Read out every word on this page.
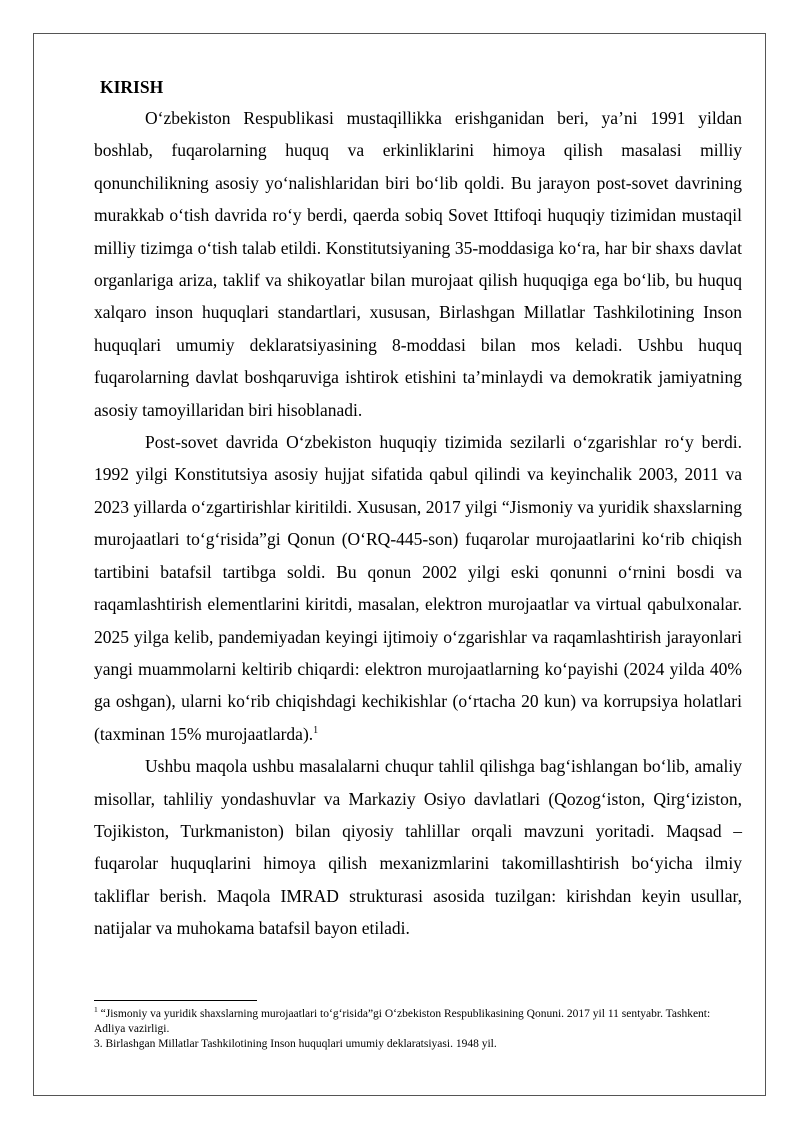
KIRISH

O‘zbekiston Respublikasi mustaqillikka erishganidan beri, ya’ni 1991 yildan boshlab, fuqarolarning huquq va erkinliklarini himoya qilish masalasi milliy qonunchilikning asosiy yo‘nalishlaridan biri bo‘lib qoldi. Bu jarayon post-sovet davrining murakkab o‘tish davrida ro‘y berdi, qaerda sobiq Sovet Ittifoqi huquqiy tizimidan mustaqil milliy tizimga o‘tish talab etildi. Konstitutsiyaning 35-moddasiga ko‘ra, har bir shaxs davlat organlariga ariza, taklif va shikoyatlar bilan murojaat qilish huquqiga ega bo‘lib, bu huquq xalqaro inson huquqlari standartlari, xususan, Birlashgan Millatlar Tashkilotining Inson huquqlari umumiy deklaratsiyasining 8-moddasi bilan mos keladi. Ushbu huquq fuqarolarning davlat boshqaruviga ishtirok etishini ta’minlaydi va demokratik jamiyatning asosiy tamoyillaridan biri hisoblanadi.

Post-sovet davrida O‘zbekiston huquqiy tizimida sezilarli o‘zgarishlar ro‘y berdi. 1992 yilgi Konstitutsiya asosiy hujjat sifatida qabul qilindi va keyinchalik 2003, 2011 va 2023 yillarda o‘zgartirishlar kiritildi. Xususan, 2017 yilgi “Jismoniy va yuridik shaxslarning murojaatlari to‘g‘risida”gi Qonun (O‘RQ-445-son) fuqarolar murojaatlarini ko‘rib chiqish tartibini batafsil tartibga soldi. Bu qonun 2002 yilgi eski qonunni o‘rnini bosdi va raqamlashtirish elementlarini kiritdi, masalan, elektron murojaatlar va virtual qabulxonalar. 2025 yilga kelib, pandemiyadan keyingi ijtimoiy o‘zgarishlar va raqamlashtirish jarayonlari yangi muammolarni keltirib chiqardi: elektron murojaatlarning ko‘payishi (2024 yilda 40% ga oshgan), ularni ko‘rib chiqishdagi kechikishlar (o‘rtacha 20 kun) va korrupsiya holatlari (taxminan 15% murojaatlarda).$^1$

Ushbu maqola ushbu masalalarni chuqur tahlil qilishga bag‘ishlangan bo‘lib, amaliy misollar, tahliliy yondashuvlar va Markaziy Osiyo davlatlari (Qozog‘iston, Qirg‘iziston, Tojikiston, Turkmaniston) bilan qiyosiy tahlillar orqali mavzuni yoritadi. Maqsad – fuqarolar huquqlarini himoya qilish mexanizmlarini takomillashtirish bo‘yicha ilmiy takliflar berish. Maqola IMRAD strukturasi asosida tuzilgan: kirishdan keyin usullar, natijalar va muhokama batafsil bayon etiladi.

$^1$ “Jismoniy va yuridik shaxslarning murojaatlari to‘g‘risida”gi O‘zbekiston Respublikasining Qonuni. 2017 yil 11 sentyabr. Tashkent: Adliya vazirligi.

3. Birlashgan Millatlar Tashkilotining Inson huquqlari umumiy deklaratsiyasi. 1948 yil.
